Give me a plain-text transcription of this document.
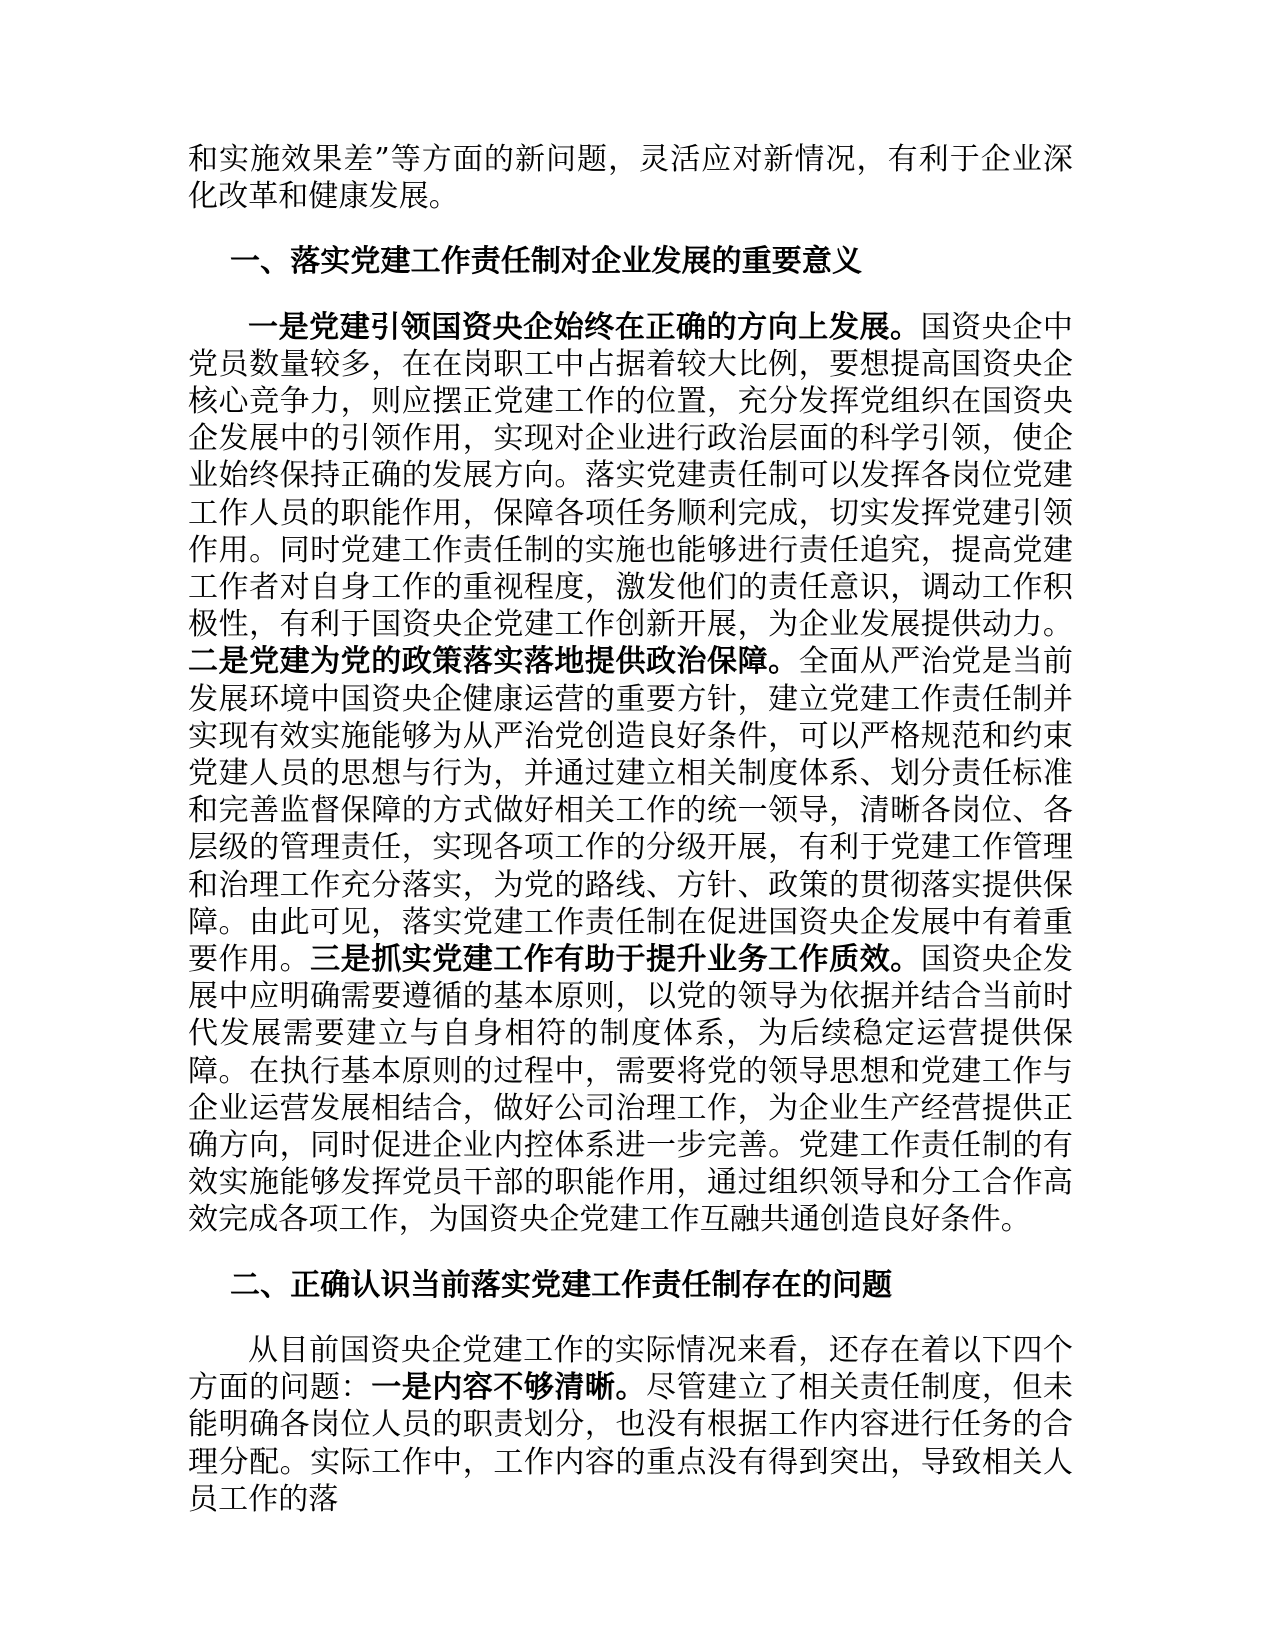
和实施效果差”等方面的新问题，灵活应对新情况，有利于企业深化改革和健康发展。

一、落实党建工作责任制对企业发展的重要意义

一是党建引领国资央企始终在正确的方向上发展。国资央企中党员数量较多，在在岗职工中占据着较大比例，要想提高国资央企核心竞争力，则应摆正党建工作的位置，充分发挥党组织在国资央企发展中的引领作用，实现对企业进行政治层面的科学引领，使企业始终保持正确的发展方向。落实党建责任制可以发挥各岗位党建工作人员的职能作用，保障各项任务顺利完成，切实发挥党建引领作用。同时党建工作责任制的实施也能够进行责任追究，提高党建工作者对自身工作的重视程度，激发他们的责任意识，调动工作积极性，有利于国资央企党建工作创新开展，为企业发展提供动力。二是党建为党的政策落实落地提供政治保障。全面从严治党是当前发展环境中国资央企健康运营的重要方针，建立党建工作责任制并实现有效实施能够为从严治党创造良好条件，可以严格规范和约束党建人员的思想与行为，并通过建立相关制度体系、划分责任标准和完善监督保障的方式做好相关工作的统一领导，清晰各岗位、各层级的管理责任，实现各项工作的分级开展，有利于党建工作管理和治理工作充分落实，为党的路线、方针、政策的贯彻落实提供保障。由此可见，落实党建工作责任制在促进国资央企发展中有着重要作用。三是抓实党建工作有助于提升业务工作质效。国资央企发展中应明确需要遵循的基本原则，以党的领导为依据并结合当前时代发展需要建立与自身相符的制度体系，为后续稳定运营提供保障。在执行基本原则的过程中，需要将党的领导思想和党建工作与企业运营发展相结合，做好公司治理工作，为企业生产经营提供正确方向，同时促进企业内控体系进一步完善。党建工作责任制的有效实施能够发挥党员干部的职能作用，通过组织领导和分工合作高效完成各项工作，为国资央企党建工作互融共通创造良好条件。

二、正确认识当前落实党建工作责任制存在的问题

从目前国资央企党建工作的实际情况来看，还存在着以下四个方面的问题：一是内容不够清晰。尽管建立了相关责任制度，但未能明确各岗位人员的职责划分，也没有根据工作内容进行任务的合理分配。实际工作中，工作内容的重点没有得到突出，导致相关人员工作的落
